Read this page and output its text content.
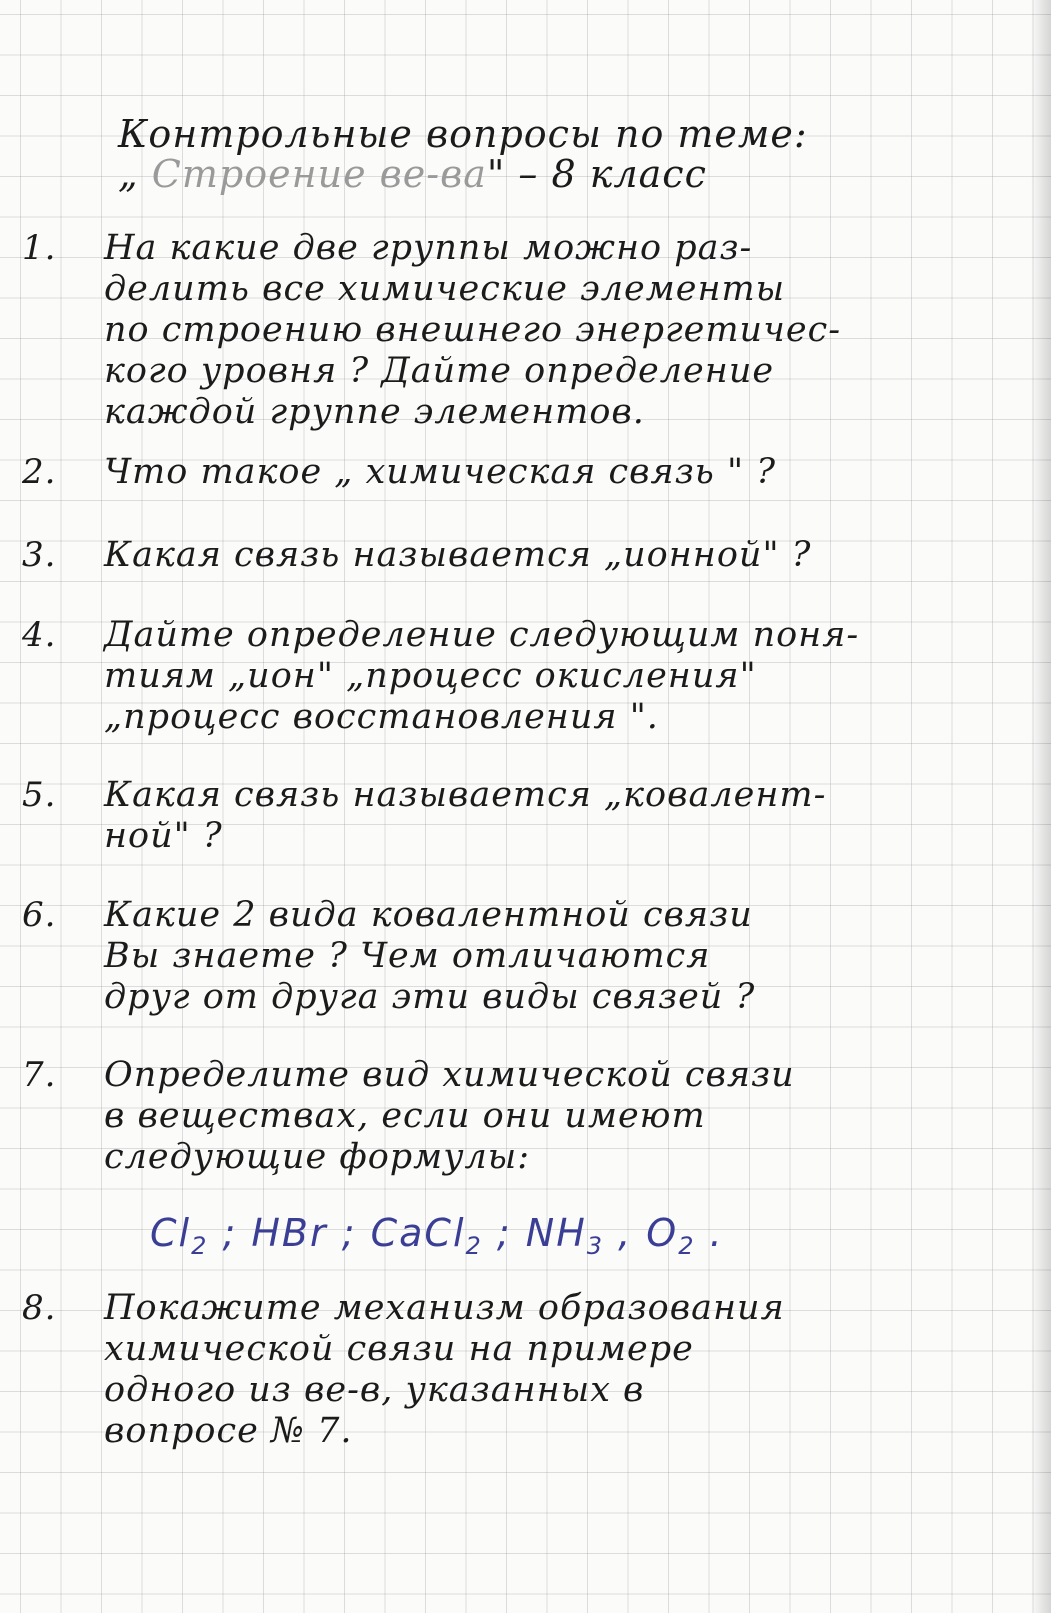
Контрольные вопросы по теме:
„ Строение ве-ва" – 8 класс
1.	На какие две группы можно раз-
делить все химические элементы
по строению внешнего энергетичес-
кого уровня ? Дайте определение
каждой группе элементов.
2.	Что такое „ химическая связь " ?
3.	Какая связь называется „ионной" ?
4.	Дайте определение следующим поня-
тиям „ион" „процесс окисления"
„процесс восстановления ".
5.	Какая связь называется „ковалент-
ной" ?
6.	Какие 2 вида ковалентной связи
Вы знаете ? Чем отличаются
друг от друга эти виды связей ?
7.	Определите вид химической связи
в веществах, если они имеют
следующие формулы:
$Cl_2$ ; HBr ; CaCl$_2$ ; $NH_3$ , $O_2$ .
8.	Покажите механизм образования
химической связи на примере
одного из ве-в, указанных в
вопросе № 7.
